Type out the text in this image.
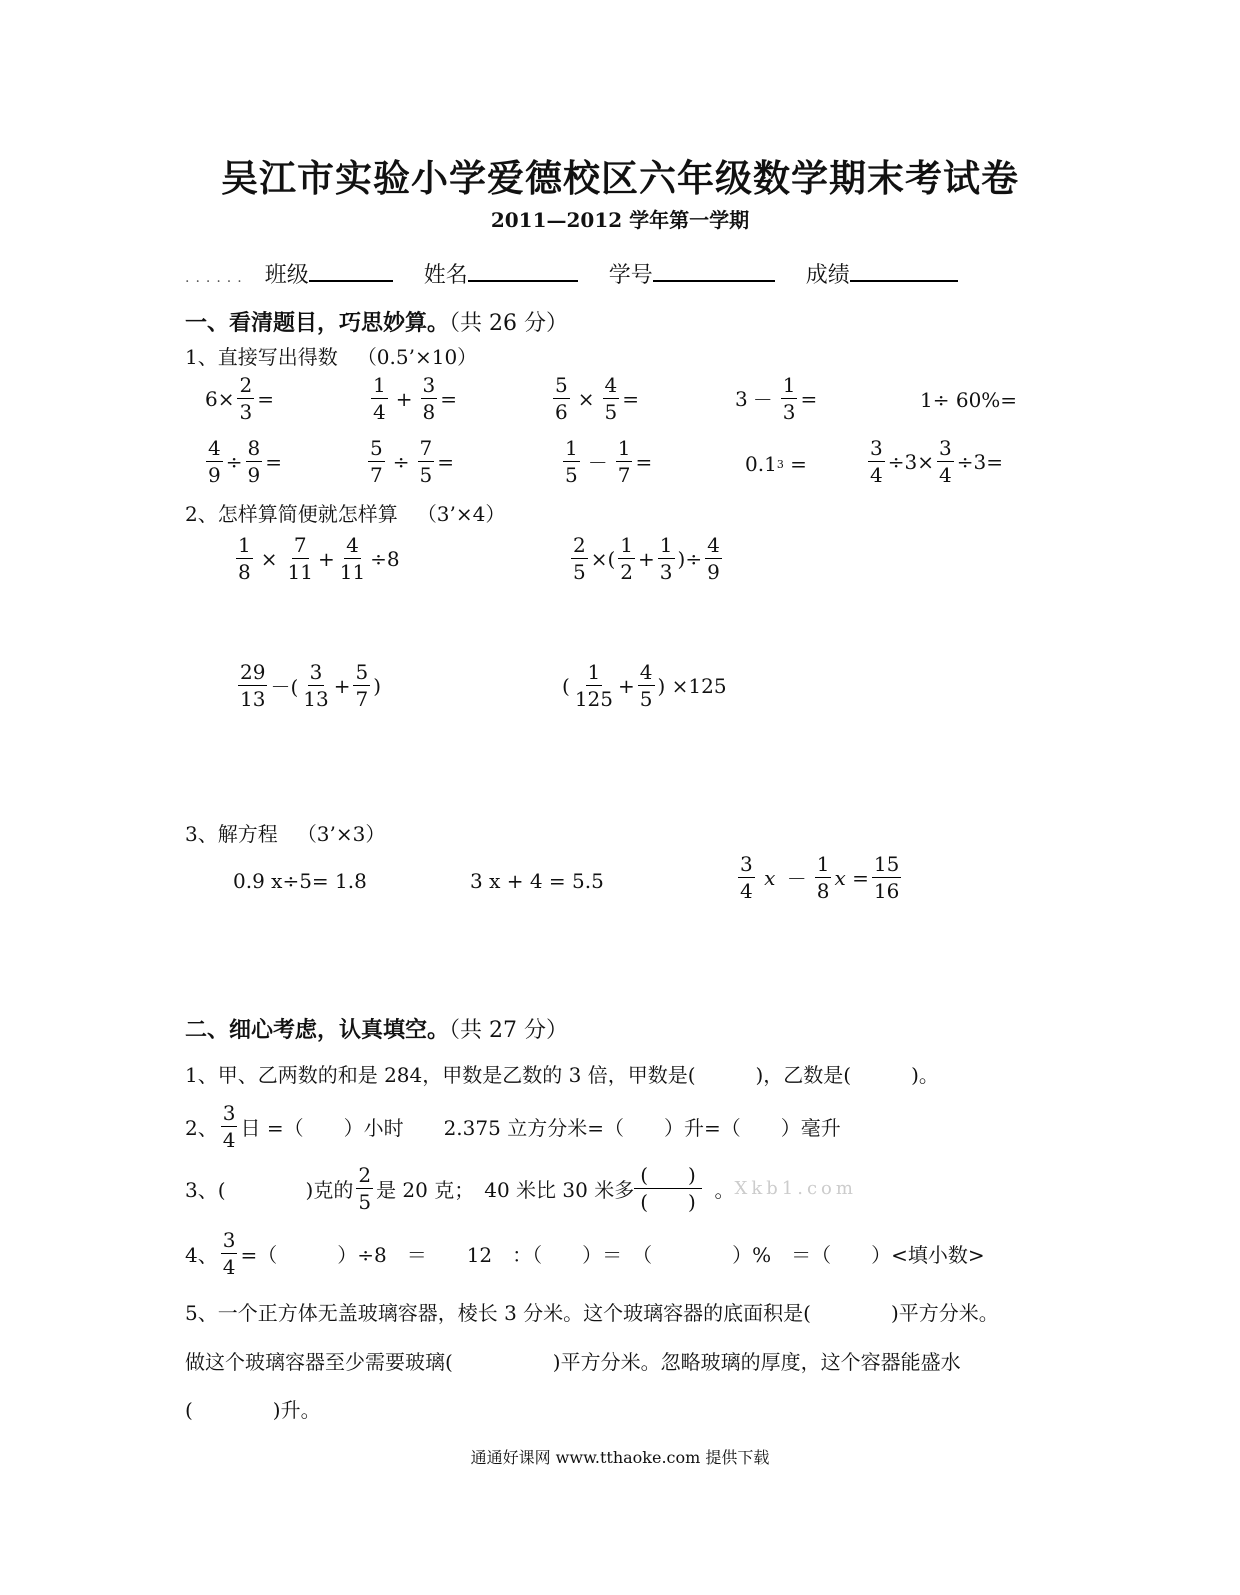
吴江市实验小学爱德校区六年级数学期末考试卷
2011—2012 学年第一学期
...... 班级	姓名	学号	成绩
一、看清题目，巧思妙算。（共 26 分）
1、直接写出得数 （0.5’×10）
$6\times \frac{2}{3}$ =	$\frac{1}{4} + \frac{3}{8}$ =	$\frac{5}{6} \times \frac{4}{5}$ =	$3 - \frac{1}{3}$ =	1÷ 60%=
$\frac{4}{9} \div \frac{8}{9}$ =	$\frac{5}{7} \div \frac{7}{5}$ =	$\frac{1}{5} - \frac{1}{7}$ =	0.1 3 =	$\frac{3}{4} \div 3\times \frac{3}{4} \div 3=$
2、怎样算简便就怎样算 （3’×4）
$\frac{1}{8} \times \frac{7}{11} + \frac{4}{11} \div 8$	$\frac{2}{5}$ ×( $\frac{1}{2} + \frac{1}{3}$ )÷ $\frac{4}{9}$
$\frac{29}{13}$ －( $\frac{3}{13} + \frac{5}{7}$ )	( $\frac{1}{125} + \frac{4}{5}$ ) ×125
3、解方程 （3’×3）
0.9 x÷5= 1.8	3 x + 4 = 5.5	$\frac{3}{4}$ $x - \frac{1}{8}$ $x = \frac{15}{16}$
二、细心考虑，认真填空。（共 27 分）
1、甲、乙两数的和是 284，甲数是乙数的 3 倍，甲数是(　　　)，乙数是(　　　)。
2、 $\frac{3}{4}$ 日 =（　　）小时　　2.375 立方分米=（　　）升=（　　）毫升
3、(　　　　)克的 $\frac{2}{5}$ 是 20 克；　40 米比 30 米多
(　　)
(　　)
。 Xkb1.com
4、 $\frac{3}{4}$ =（　　　）÷8　＝　　12　：（　　）＝　（　　　　）%　＝（　　）<填小数>
5、一个正方体无盖玻璃容器，棱长 3 分米。这个玻璃容器的底面积是(　　　　)平方分米。
做这个玻璃容器至少需要玻璃(　　　　　)平方分米。忽略玻璃的厚度，这个容器能盛水
(　　　　)升。
通通好课网 www.tthaoke.com 提供下载
